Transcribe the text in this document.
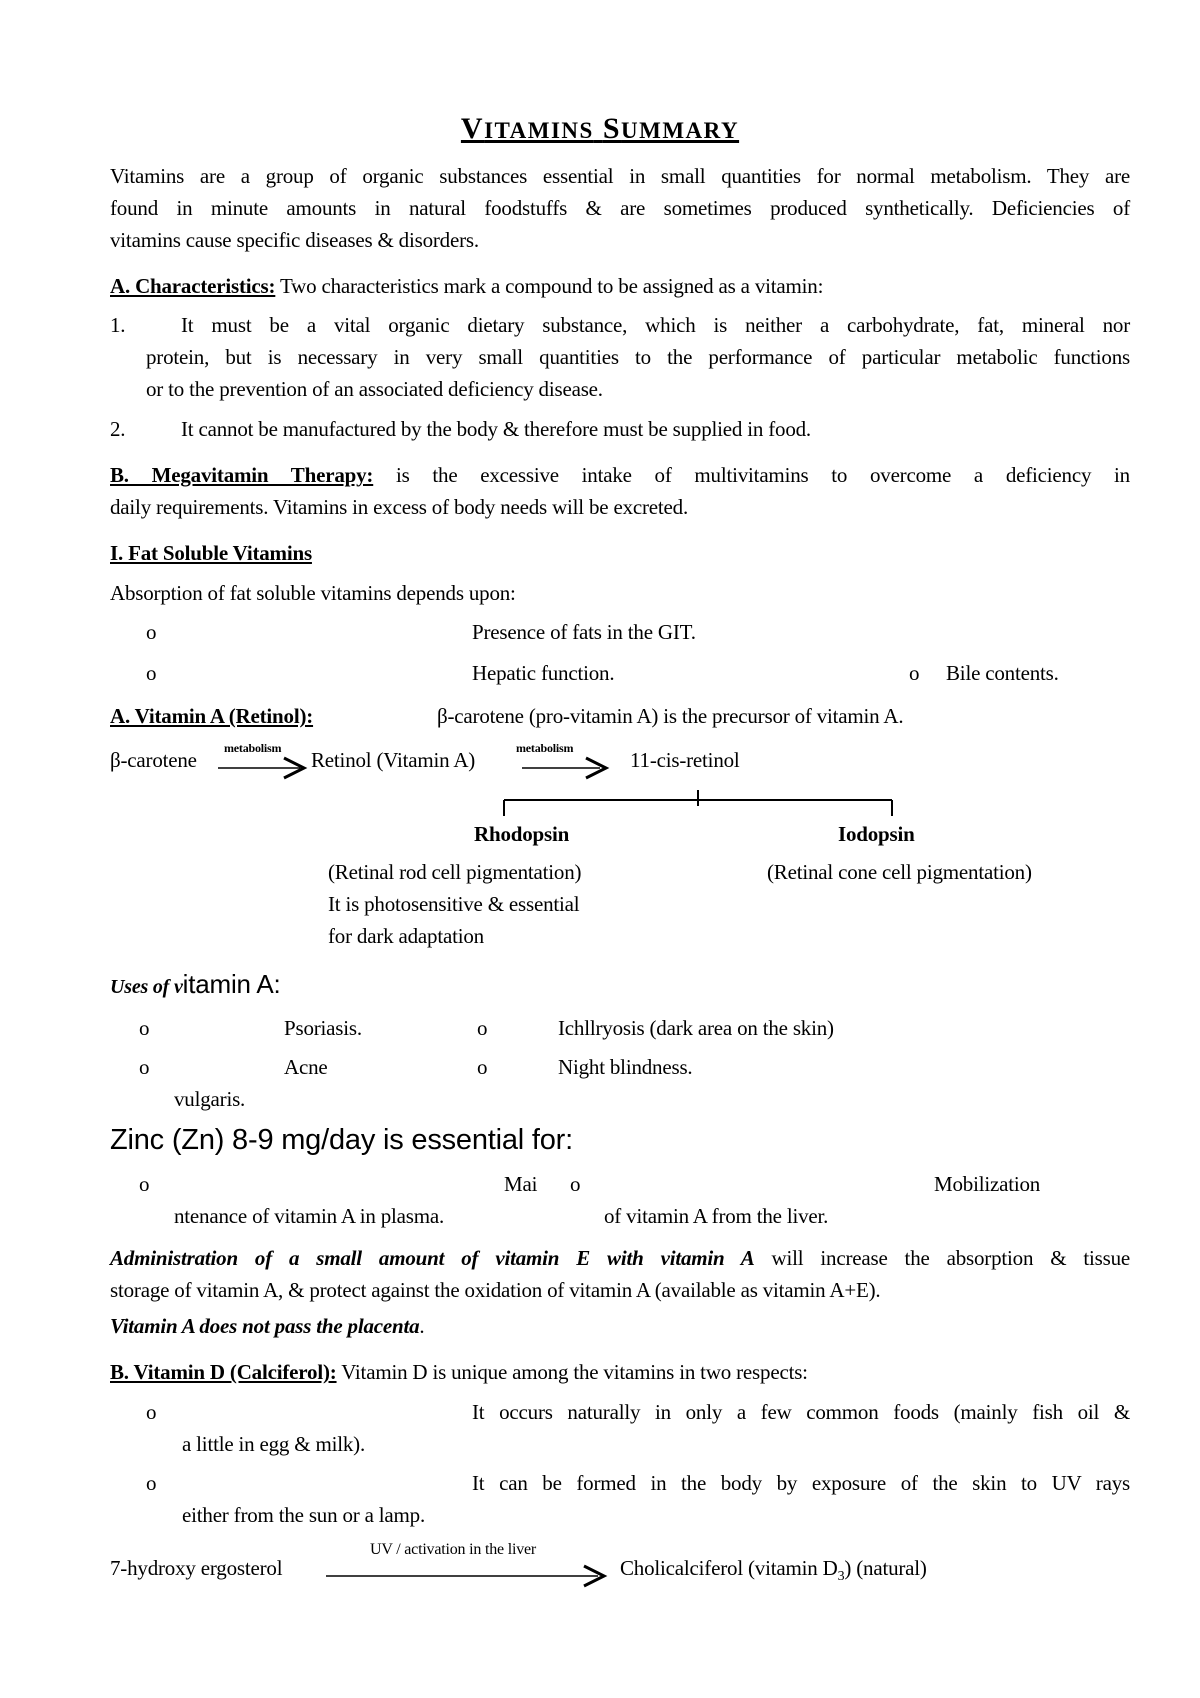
VITAMINS SUMMARY
Vitamins are a group of organic substances essential in small quantities for normal metabolism. They are
found in minute amounts in natural foodstuffs & are sometimes produced synthetically. Deficiencies of
vitamins cause specific diseases & disorders.
A. Characteristics: Two characteristics mark a compound to be assigned as a vitamin:
1.	It must be a vital organic dietary substance, which is neither a carbohydrate, fat, mineral nor
protein, but is necessary in very small quantities to the performance of particular metabolic functions
or to the prevention of an associated deficiency disease.
2.	It cannot be manufactured by the body & therefore must be supplied in food.
B. Megavitamin Therapy: is the excessive intake of multivitamins to overcome a deficiency in
daily requirements. Vitamins in excess of body needs will be excreted.
I. Fat Soluble Vitamins
Absorption of fat soluble vitamins depends upon:
o	Presence of fats in the GIT.
o	Hepatic function.	o Bile contents.
A. Vitamin A (Retinol):	β-carotene (pro-vitamin A) is the precursor of vitamin A.
β-carotene metabolism Retinol (Vitamin A)	metabolism	11-cis-retinol
Rhodopsin	Iodopsin
(Retinal rod cell pigmentation)
It is photosensitive & essential
for dark adaptation
(Retinal cone cell pigmentation)
Uses of vitamin A:
o	Psoriasis.	o	Ichllryosis (dark area on the skin)
o	Acne	o	Night blindness.
vulgaris.
Zinc (Zn) 8-9 mg/day is essential for:
o	Mai o	Mobilization
ntenance of vitamin A in plasma.	of vitamin A from the liver.
Administration of a small amount of vitamin E with vitamin A will increase the absorption & tissue
storage of vitamin A, & protect against the oxidation of vitamin A (available as vitamin A+E).
Vitamin A does not pass the placenta.
B. Vitamin D (Calciferol): Vitamin D is unique among the vitamins in two respects:
o	It occurs naturally in only a few common foods (mainly fish oil &
a little in egg & milk).
o	It can be formed in the body by exposure of the skin to UV rays
either from the sun or a lamp.
7-hydroxy ergosterol
UV / activation in the liver
Cholicalciferol (vitamin $D_3$) (natural)
